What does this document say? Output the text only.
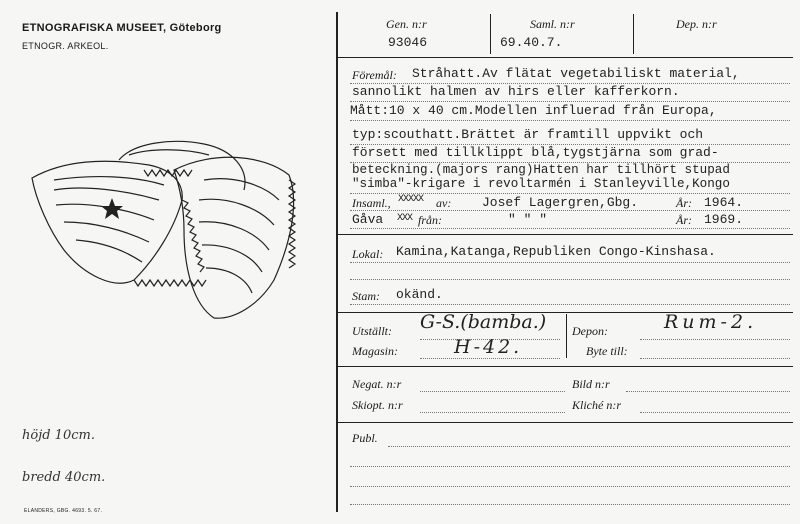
ETNOGRAFISKA MUSEET, Göteborg
ETNOGR. ARKEOL.
höjd 10cm.
bredd 40cm.
ELANDERS, GBG. 4693. 5. 67.
Gen. n:r
93046
Saml. n:r
69.40.7.
Dep. n:r
Föremål: Stråhatt.Av flätat vegetabiliskt material,
sannolikt halmen av hirs eller kafferkorn.
Mått:10 x 40 cm.Modellen influerad från Europa,
typ:scouthatt.Brättet är framtill uppvikt och
försett med tillklippt blå,tygstjärna som grad-
beteckning.(majors rang)Hatten har tillhört stupad
"simba"-krigare i revoltarmén i Stanleyville,Kongo
Insaml., XXXXX av: Josef Lagergren,Gbg.	År: 1964.
Gåva XXX från:	" " "	År: 1969.
Lokal: Kamina,Katanga,Republiken Congo-Kinshasa.
Stam: okänd.
Utställt: G-S.(bamba.) Depon:	Rum-2.
Magasin:	H-42.	Byte till:
Negat. n:r	Bild n:r
Skiopt. n:r	Kliché n:r
Publ.
